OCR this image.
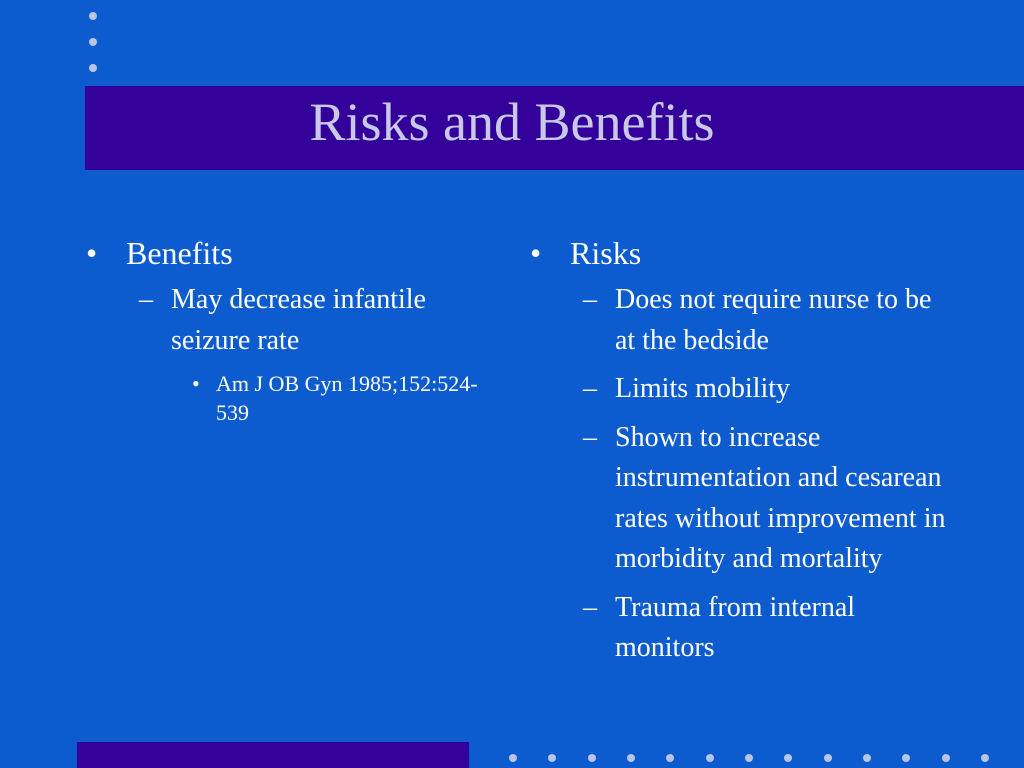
Risks and Benefits
• Benefits
– May decrease infantile seizure rate
• Am J OB Gyn 1985;152:524-539
• Risks
– Does not require nurse to be at the bedside
– Limits mobility
– Shown to increase instrumentation and cesarean rates without improvement in morbidity and mortality
– Trauma from internal monitors
